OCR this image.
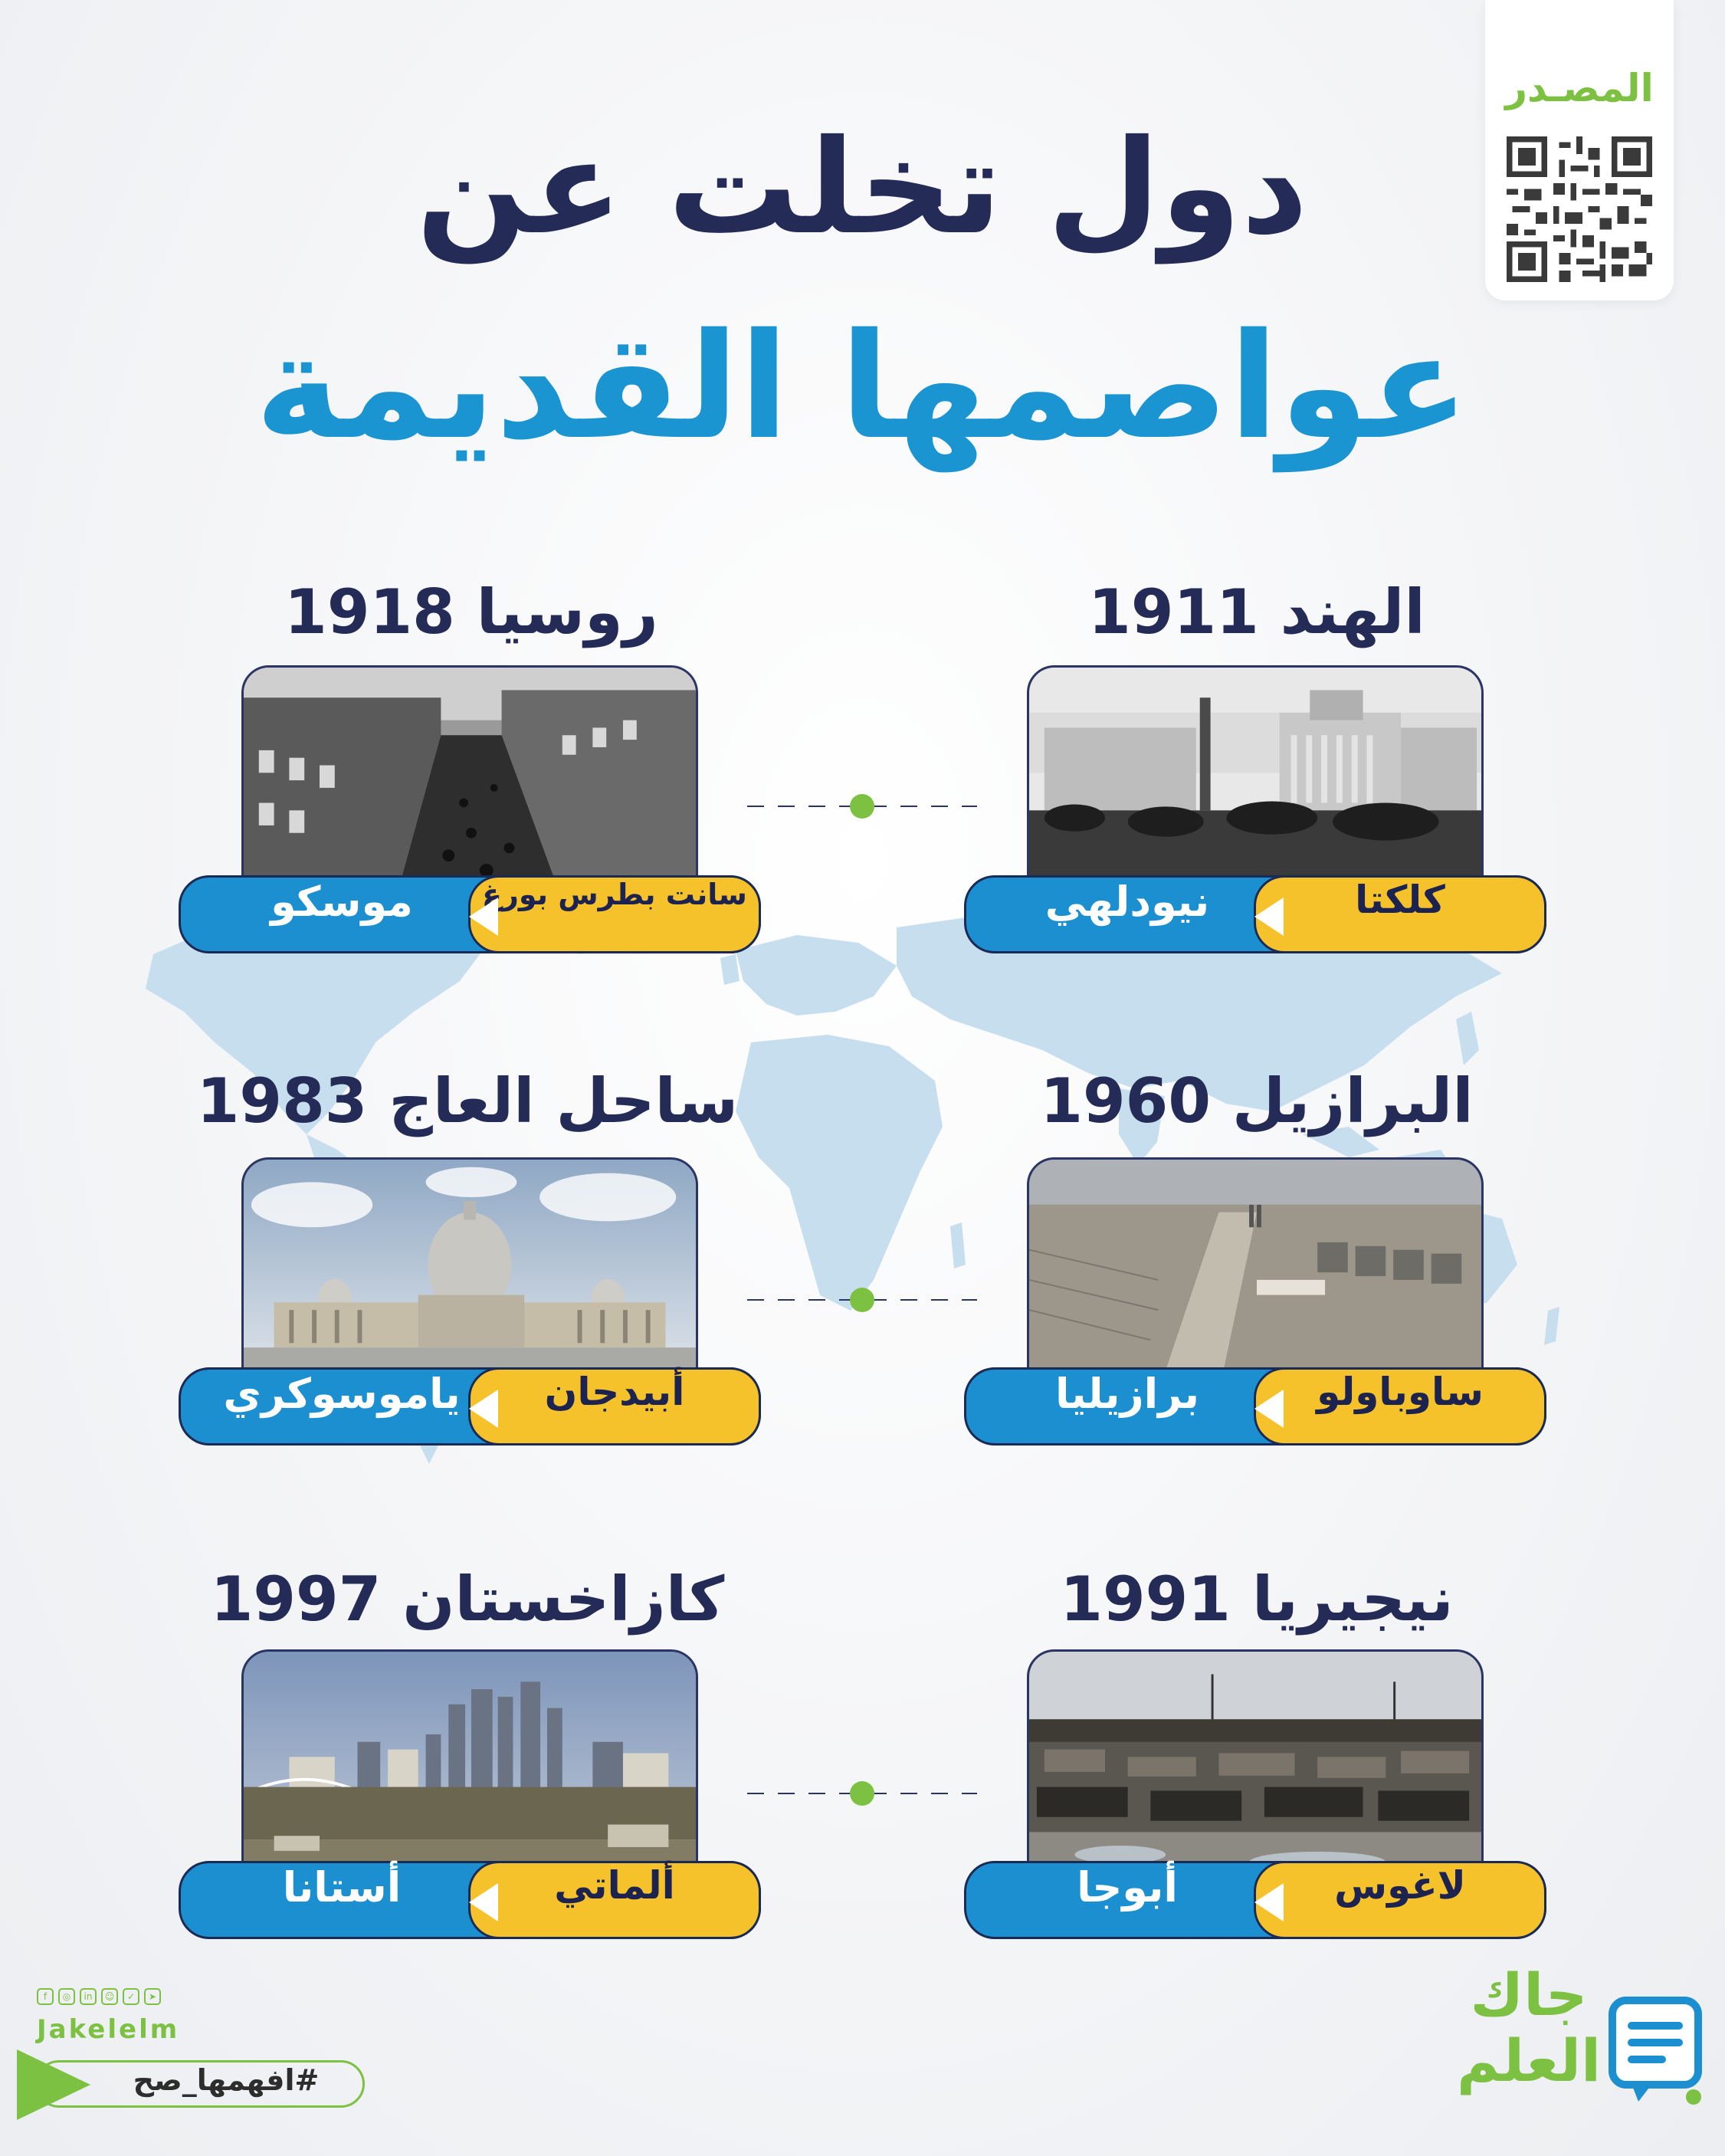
المصـدر
دول تخلت عن
عواصمها القديمة
الهند 1911
كلكتا
نيودلهي
روسيا 1918
سانت بطرس بورغ
موسكو
البرازيل 1960
ساوباولو
برازيليا
ساحل العاج 1983
أبيدجان
ياموسوكري
نيجيريا 1991
لاغوس
أبوجا
كازاخستان 1997
ألماتي
أستانا
f	◎	in	☺	✓	➤
Jakelelm
#افهمها_صح
جاك
العلم
